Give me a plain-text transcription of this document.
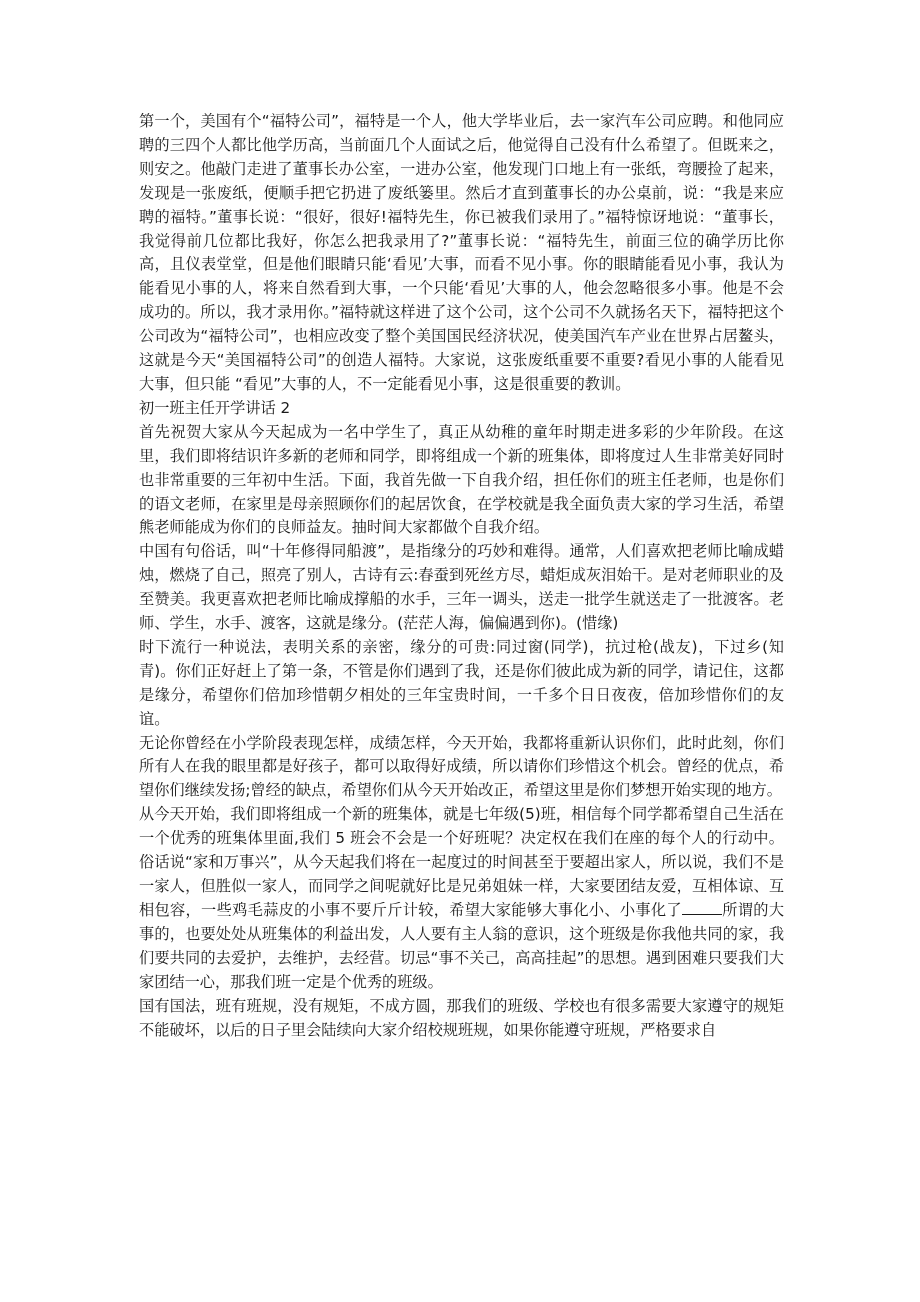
第一个，美国有个“福特公司”，福特是一个人，他大学毕业后，去一家汽车公司应聘。和他同应聘的三四个人都比他学历高，当前面几个人面试之后，他觉得自己没有什么希望了。但既来之，则安之。他敲门走进了董事长办公室，一进办公室，他发现门口地上有一张纸，弯腰捡了起来，发现是一张废纸，便顺手把它扔进了废纸篓里。然后才直到董事长的办公桌前，说：“我是来应聘的福特。”董事长说：“很好，很好!福特先生，你已被我们录用了。”福特惊讶地说：“董事长，我觉得前几位都比我好，你怎么把我录用了?”董事长说：“福特先生，前面三位的确学历比你高，且仪表堂堂，但是他们眼睛只能‘看见’大事，而看不见小事。你的眼睛能看见小事，我认为能看见小事的人，将来自然看到大事，一个只能‘看见’大事的人，他会忽略很多小事。他是不会成功的。所以，我才录用你。”福特就这样进了这个公司，这个公司不久就扬名天下，福特把这个公司改为“福特公司”，也相应改变了整个美国国民经济状况，使美国汽车产业在世界占居鳌头，这就是今天“美国福特公司”的创造人福特。大家说，这张废纸重要不重要?看见小事的人能看见大事，但只能 “看见”大事的人，不一定能看见小事，这是很重要的教训。

初一班主任开学讲话 2

首先祝贺大家从今天起成为一名中学生了，真正从幼稚的童年时期走进多彩的少年阶段。在这里，我们即将结识许多新的老师和同学，即将组成一个新的班集体，即将度过人生非常美好同时也非常重要的三年初中生活。下面，我首先做一下自我介绍，担任你们的班主任老师，也是你们的语文老师，在家里是母亲照顾你们的起居饮食，在学校就是我全面负责大家的学习生活，希望熊老师能成为你们的良师益友。抽时间大家都做个自我介绍。

中国有句俗话，叫“十年修得同船渡”，是指缘分的巧妙和难得。通常，人们喜欢把老师比喻成蜡烛，燃烧了自己，照亮了别人，古诗有云:春蚕到死丝方尽，蜡炬成灰泪始干。是对老师职业的及至赞美。我更喜欢把老师比喻成撑船的水手，三年一调头，送走一批学生就送走了一批渡客。老师、学生，水手、渡客，这就是缘分。(茫茫人海，偏偏遇到你)。(惜缘)

时下流行一种说法，表明关系的亲密，缘分的可贵:同过窗(同学)，抗过枪(战友)，下过乡(知青)。你们正好赶上了第一条，不管是你们遇到了我，还是你们彼此成为新的同学，请记住，这都是缘分，希望你们倍加珍惜朝夕相处的三年宝贵时间，一千多个日日夜夜，倍加珍惜你们的友谊。

无论你曾经在小学阶段表现怎样，成绩怎样，今天开始，我都将重新认识你们，此时此刻，你们所有人在我的眼里都是好孩子，都可以取得好成绩，所以请你们珍惜这个机会。曾经的优点，希望你们继续发扬;曾经的缺点，希望你们从今天开始改正，希望这里是你们梦想开始实现的地方。

从今天开始，我们即将组成一个新的班集体，就是七年级(5)班，相信每个同学都希望自己生活在一个优秀的班集体里面,我们 5 班会不会是一个好班呢？决定权在我们在座的每个人的行动中。俗话说“家和万事兴”，从今天起我们将在一起度过的时间甚至于要超出家人，所以说，我们不是一家人，但胜似一家人，而同学之间呢就好比是兄弟姐妹一样，大家要团结友爱，互相体谅、互相包容，一些鸡毛蒜皮的小事不要斤斤计较，希望大家能够大事化小、小事化了	所谓的大事的，也要处处从班集体的利益出发，人人要有主人翁的意识，这个班级是你我他共同的家，我们要共同的去爱护，去维护，去经营。切忌“事不关己，高高挂起”的思想。遇到困难只要我们大家团结一心，那我们班一定是个优秀的班级。

国有国法，班有班规，没有规矩，不成方圆，那我们的班级、学校也有很多需要大家遵守的规矩不能破坏，以后的日子里会陆续向大家介绍校规班规，如果你能遵守班规，严格要求自
